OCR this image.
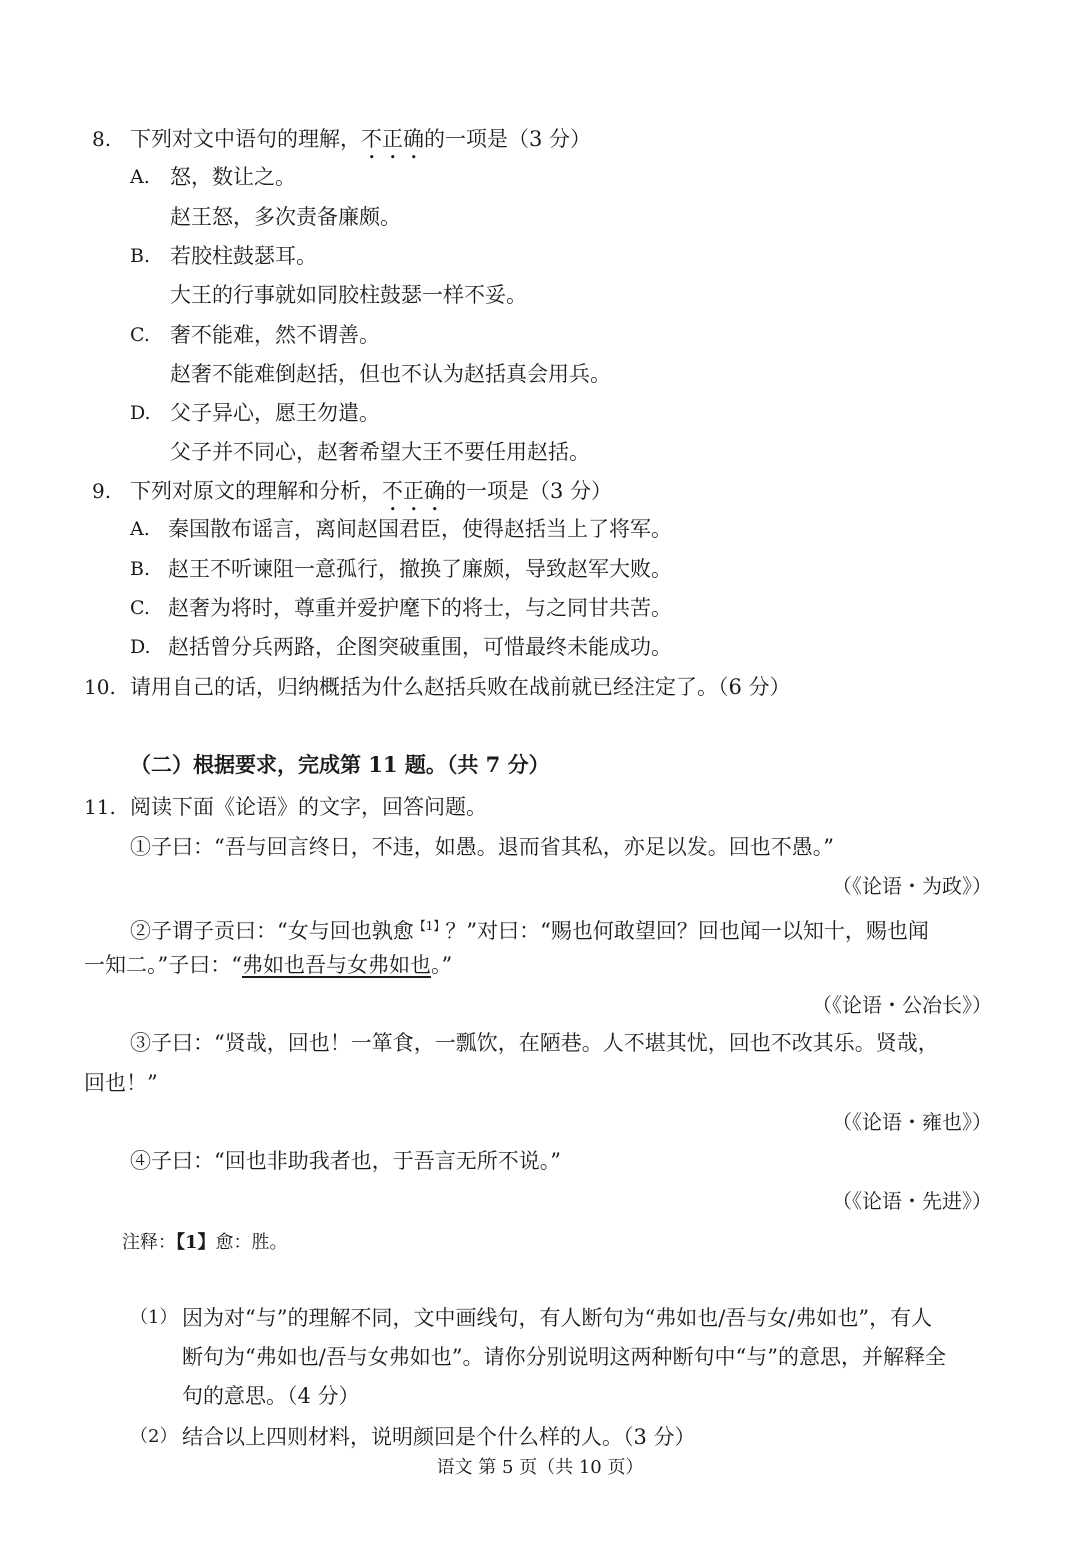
8. 下列对文中语句的理解，不正确的一项是（3 分）
A. 怒，数让之。
赵王怒，多次责备廉颇。
B. 若胶柱鼓瑟耳。
大王的行事就如同胶柱鼓瑟一样不妥。
C. 奢不能难，然不谓善。
赵奢不能难倒赵括，但也不认为赵括真会用兵。
D. 父子异心，愿王勿遣。
父子并不同心，赵奢希望大王不要任用赵括。
9. 下列对原文的理解和分析，不正确的一项是（3 分）
A. 秦国散布谣言，离间赵国君臣，使得赵括当上了将军。
B. 赵王不听谏阻一意孤行，撤换了廉颇，导致赵军大败。
C. 赵奢为将时，尊重并爱护麾下的将士，与之同甘共苦。
D. 赵括曾分兵两路，企图突破重围，可惜最终未能成功。
10. 请用自己的话，归纳概括为什么赵括兵败在战前就已经注定了。（6 分）
（二）根据要求，完成第 11 题。（共 7 分）
11. 阅读下面《论语》的文字，回答问题。
①子曰：“吾与回言终日，不违，如愚。退而省其私，亦足以发。回也不愚。”
（《论语・为政》）
②子谓子贡曰：“女与回也孰愈$^{【1】}$？”对曰：“赐也何敢望回？回也闻一以知十，赐也闻
一知二。”子曰：“弗如也吾与女弗如也。”
（《论语・公冶长》）
③子曰：“贤哉，回也！一箪食，一瓢饮，在陋巷。人不堪其忧，回也不改其乐。贤哉，
回也！”
（《论语・雍也》）
④子曰：“回也非助我者也，于吾言无所不说。”
（《论语・先进》）
注释：【1】愈：胜。
（1） 因为对“与”的理解不同，文中画线句，有人断句为“弗如也/吾与女/弗如也”，有人
断句为“弗如也/吾与女弗如也”。请你分别说明这两种断句中“与”的意思，并解释全
句的意思。（4 分）
（2） 结合以上四则材料，说明颜回是个什么样的人。（3 分）
语文 第 5 页（共 10 页）
